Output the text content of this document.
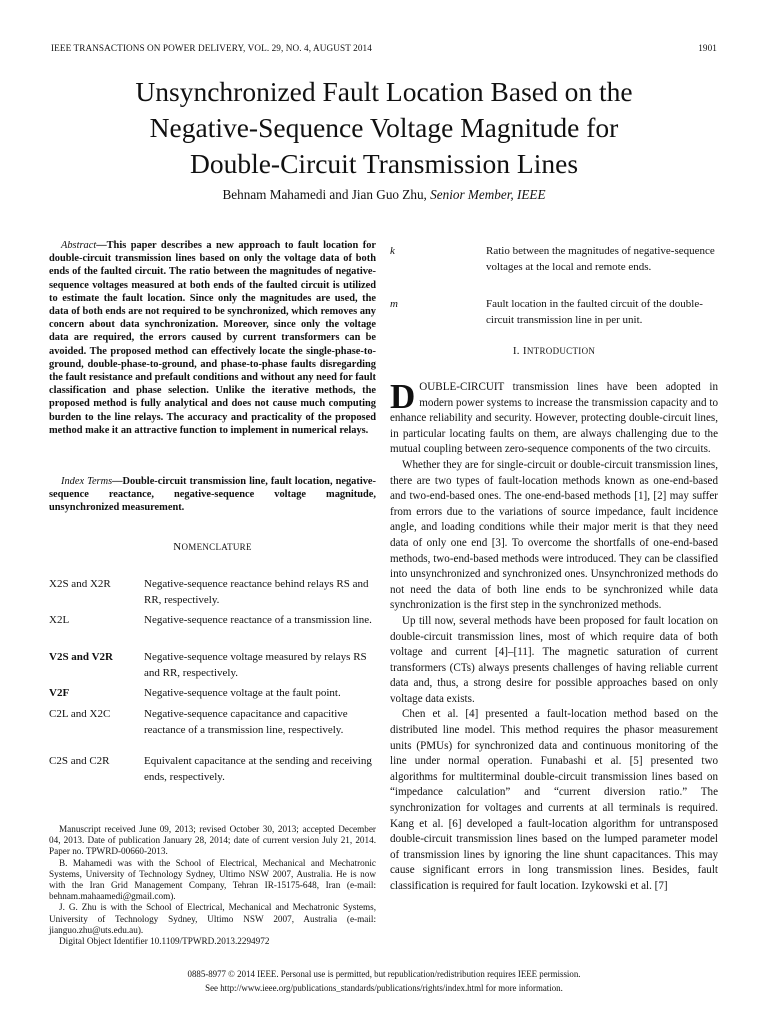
IEEE TRANSACTIONS ON POWER DELIVERY, VOL. 29, NO. 4, AUGUST 2014	1901
Unsynchronized Fault Location Based on the
Negative-Sequence Voltage Magnitude for
Double-Circuit Transmission Lines
Behnam Mahamedi and Jian Guo Zhu, Senior Member, IEEE
Abstract—This paper describes a new approach to fault location for double-circuit transmission lines based on only the voltage data of both ends of the faulted circuit. The ratio between the magnitudes of negative-sequence voltages measured at both ends of the faulted circuit is utilized to estimate the fault location. Since only the magnitudes are used, the data of both ends are not required to be synchronized, which removes any concern about data synchronization. Moreover, since only the voltage data are required, the errors caused by current transformers can be avoided. The proposed method can effectively locate the single-phase-to-ground, double-phase-to-ground, and phase-to-phase faults disregarding the fault resistance and prefault conditions and without any need for fault classification and phase selection. Unlike the iterative methods, the proposed method is fully analytical and does not cause much computing burden to the line relays. The accuracy and practicality of the proposed method make it an attractive function to implement in numerical relays.
Index Terms—Double-circuit transmission line, fault location, negative-sequence reactance, negative-sequence voltage magnitude, unsynchronized measurement.
NOMENCLATURE
X2S and X2R	Negative-sequence reactance behind relays RS and RR, respectively.
X2L	Negative-sequence reactance of a transmission line.
V2S and V2R	Negative-sequence voltage measured by relays RS and RR, respectively.
V2F	Negative-sequence voltage at the fault point.
C2L and X2C	Negative-sequence capacitance and capacitive reactance of a transmission line, respectively.
C2S and C2R	Equivalent capacitance at the sending and receiving ends, respectively.
k	Ratio between the magnitudes of negative-sequence voltages at the local and remote ends.
m	Fault location in the faulted circuit of the double-circuit transmission line in per unit.
I. INTRODUCTION

DOUBLE-CIRCUIT transmission lines have been adopted in modern power systems to increase the transmission capacity and to enhance reliability and security. However, protecting double-circuit lines, in particular locating faults on them, are always challenging due to the mutual coupling between zero-sequence components of the two circuits.

Whether they are for single-circuit or double-circuit transmission lines, there are two types of fault-location methods known as one-end-based and two-end-based ones. The one-end-based methods [1], [2] may suffer from errors due to the variations of source impedance, fault incidence angle, and loading conditions while their major merit is that they need data of only one end [3]. To overcome the shortfalls of one-end-based methods, two-end-based methods were introduced. They can be classified into unsynchronized and synchronized ones. Unsynchronized methods do not need the data of both line ends to be synchronized while data synchronization is the first step in the synchronized methods.

Up till now, several methods have been proposed for fault location on double-circuit transmission lines, most of which require data of both voltage and current [4]–[11]. The magnetic saturation of current transformers (CTs) always presents challenges of having reliable current data and, thus, a strong desire for possible approaches based on only voltage data exists.

Chen et al. [4] presented a fault-location method based on the distributed line model. This method requires the phasor measurement units (PMUs) for synchronized data and continuous monitoring of the line under normal operation. Funabashi et al. [5] presented two algorithms for multiterminal double-circuit transmission lines based on “impedance calculation” and “current diversion ratio.” The synchronization for voltages and currents at all terminals is required. Kang et al. [6] developed a fault-location algorithm for untransposed double-circuit transmission lines based on the lumped parameter model of transmission lines by ignoring the line shunt capacitances. This may cause significant errors in long transmission lines. Besides, fault classification is required for fault location. Izykowski et al. [7]

Manuscript received June 09, 2013; revised October 30, 2013; accepted December 04, 2013. Date of publication January 28, 2014; date of current version July 21, 2014. Paper no. TPWRD-00660-2013.

B. Mahamedi was with the School of Electrical, Mechanical and Mechatronic Systems, University of Technology Sydney, Ultimo NSW 2007, Australia. He is now with the Iran Grid Management Company, Tehran IR-15175-648, Iran (e-mail: behnam.mahaamedi@gmail.com).

J. G. Zhu is with the School of Electrical, Mechanical and Mechatronic Systems, University of Technology Sydney, Ultimo NSW 2007, Australia (e-mail: jianguo.zhu@uts.edu.au).

Digital Object Identifier 10.1109/TPWRD.2013.2294972

0885-8977 © 2014 IEEE. Personal use is permitted, but republication/redistribution requires IEEE permission.
See http://www.ieee.org/publications_standards/publications/rights/index.html for more information.
